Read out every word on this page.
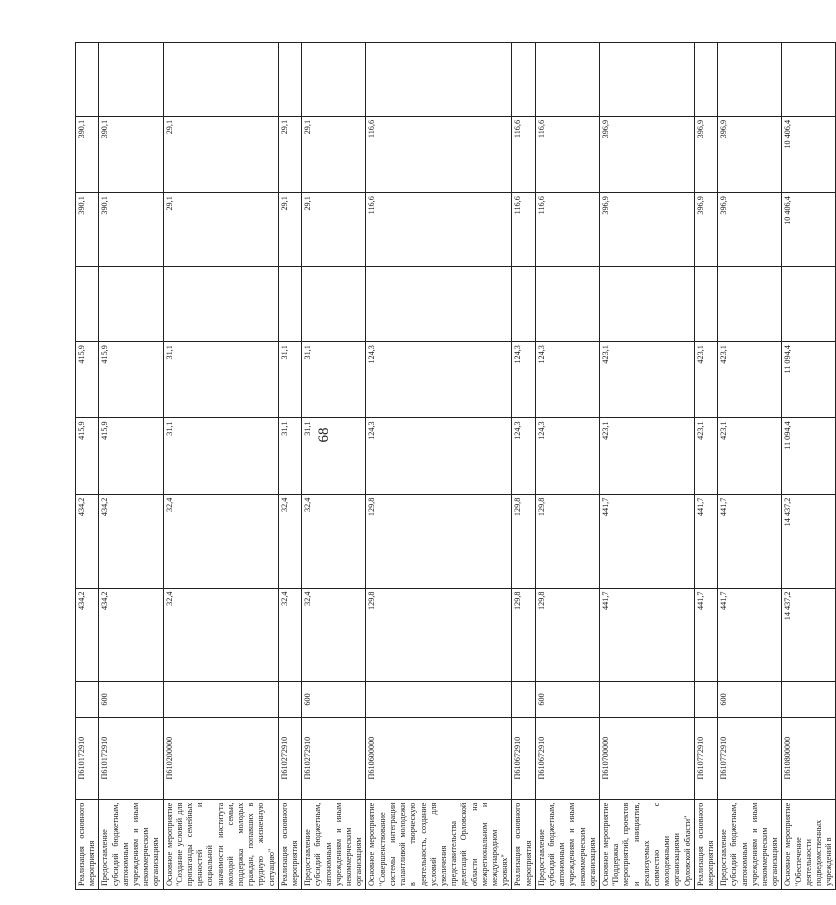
68
Реализация основного мероприятия	П610172910		434,2	434,2	415,9	415,9		390,1	390,1	
Предоставление субсидий бюджетным, автономным учреждениям и иным некоммерческим организациям	П610172910	600	434,2	434,2	415,9	415,9		390,1	390,1	
Основное мероприятие "Создание условий для пропаганды семейных ценностей и социальной значимости института молодой семьи, поддержка молодых граждан, попавших в трудную жизненную ситуацию"	П610200000		32,4	32,4	31,1	31,1		29,1	29,1	
Реализация основного мероприятия	П610272910		32,4	32,4	31,1	31,1		29,1	29,1	
Предоставление субсидий бюджетным, автономным учреждениям и иным некоммерческим организациям	П610272910	600	32,4	32,4	31,1	31,1		29,1	29,1	
Основное мероприятие "Совершенствование системы интеграции талантливой молодежи в творческую деятельность, создание условий для увеличения представительства делегаций Орловской области на межрегиональном и международном уровнях"	П610600000		129,8	129,8	124,3	124,3		116,6	116,6	
Реализация основного мероприятия	П610672910		129,8	129,8	124,3	124,3		116,6	116,6	
Предоставление субсидий бюджетным, автономным учреждениям и иным некоммерческим организациям	П610672910	600	129,8	129,8	124,3	124,3		116,6	116,6	
Основное мероприятие "Поддержка мероприятий, проектов и инициатив, реализуемых совместно с молодежными организациями Орловской области"	П610700000		441,7	441,7	423,1	423,1		396,9	396,9	
Реализация основного мероприятия	П610772910		441,7	441,7	423,1	423,1		396,9	396,9	
Предоставление субсидий бюджетным, автономным учреждениям и иным некоммерческим организациям	П610772910	600	441,7	441,7	423,1	423,1		396,9	396,9	
Основное мероприятие "Обеспечение деятельности подведомственных учреждений в	П610800000		14 437,2	14 437,2	11 094,4	11 094,4		10 406,4	10 406,4	
